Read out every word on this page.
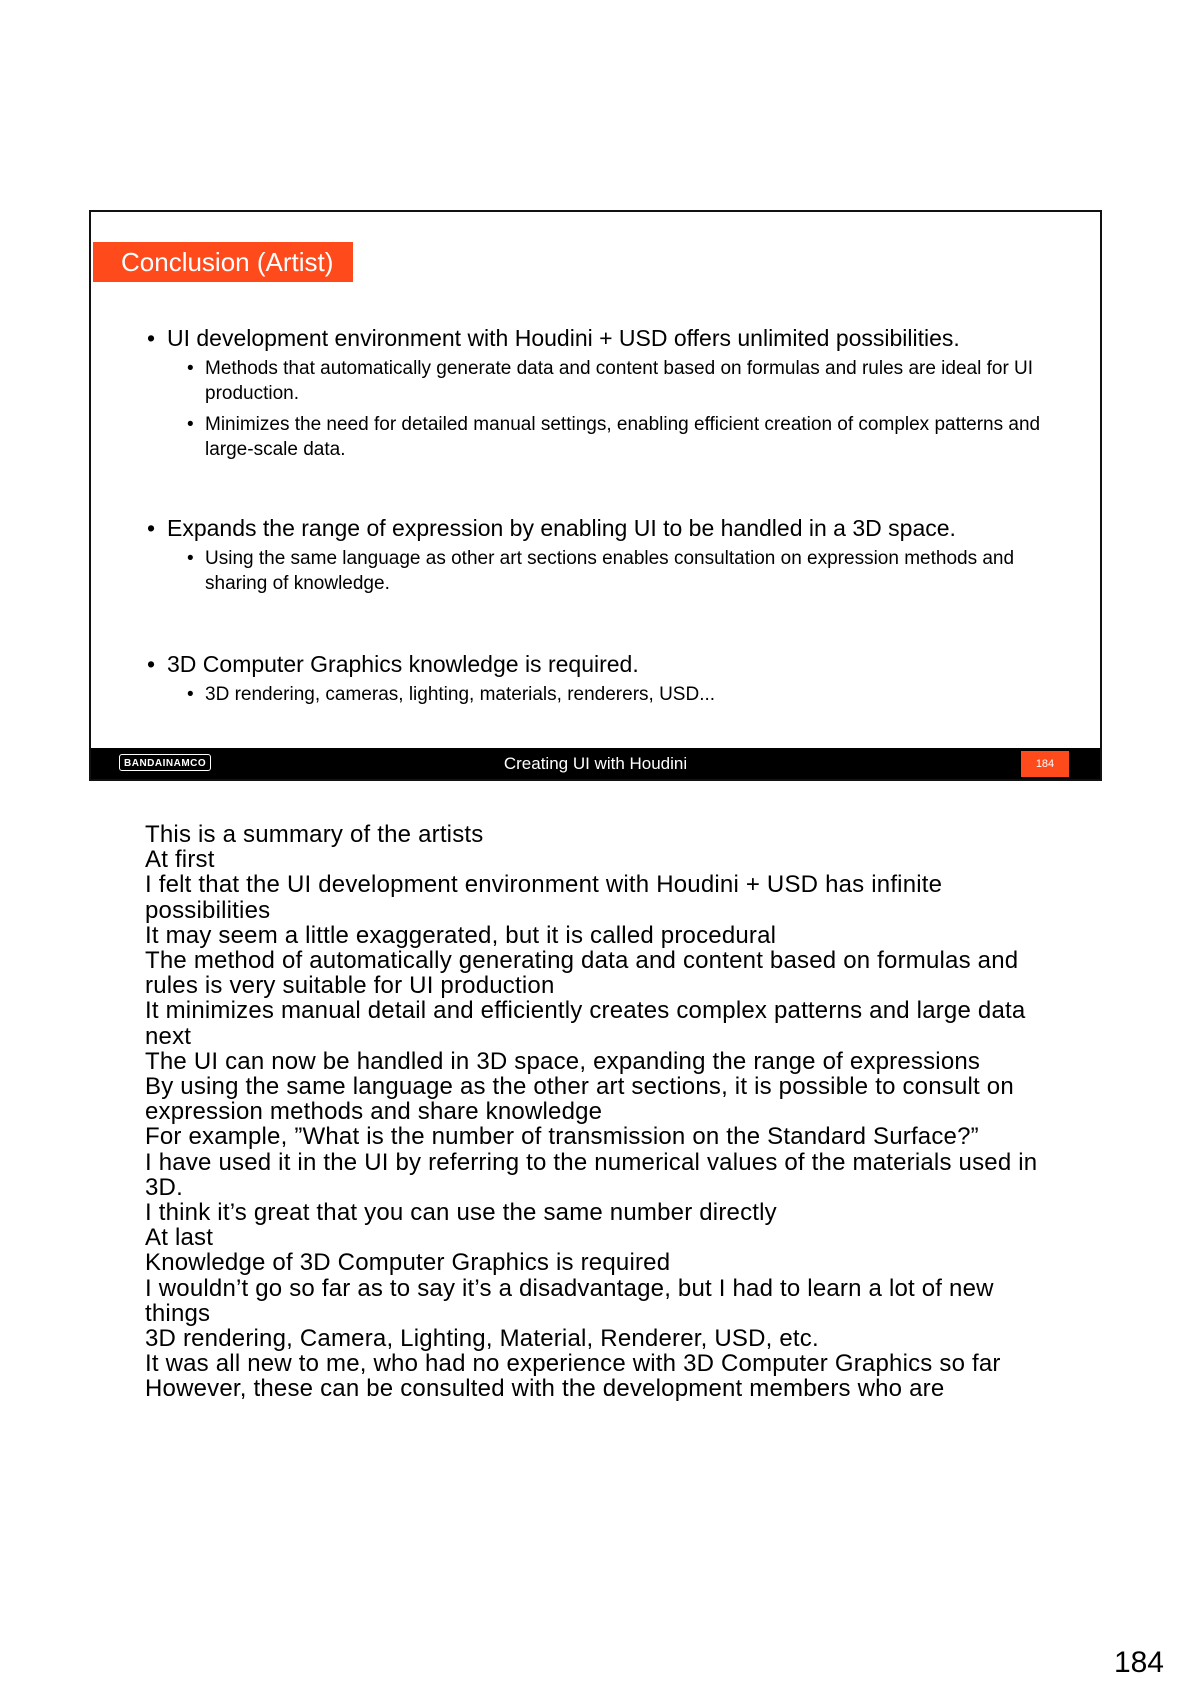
Conclusion (Artist)
• UI development environment with Houdini + USD offers unlimited possibilities.
• Methods that automatically generate data and content based on formulas and rules are ideal for UI production.
• Minimizes the need for detailed manual settings, enabling efficient creation of complex patterns and large-scale data.
• Expands the range of expression by enabling UI to be handled in a 3D space.
• Using the same language as other art sections enables consultation on expression methods and sharing of knowledge.
• 3D Computer Graphics knowledge is required.
• 3D rendering, cameras, lighting, materials, renderers, USD...
BANDAINAMCO	Creating UI with Houdini	184
This is a summary of the artists
At first
I felt that the UI development environment with Houdini + USD has infinite possibilities
It may seem a little exaggerated, but it is called procedural
The method of automatically generating data and content based on formulas and rules is very suitable for UI production
It minimizes manual detail and efficiently creates complex patterns and large data
next
The UI can now be handled in 3D space, expanding the range of expressions
By using the same language as the other art sections, it is possible to consult on expression methods and share knowledge
For example, ”What is the number of transmission on the Standard Surface?”
I have used it in the UI by referring to the numerical values of the materials used in 3D.
I think it’s great that you can use the same number directly
At last
Knowledge of 3D Computer Graphics is required
I wouldn’t go so far as to say it’s a disadvantage, but I had to learn a lot of new things
3D rendering, Camera, Lighting, Material, Renderer, USD, etc.
It was all new to me, who had no experience with 3D Computer Graphics so far
However, these can be consulted with the development members who are
184
